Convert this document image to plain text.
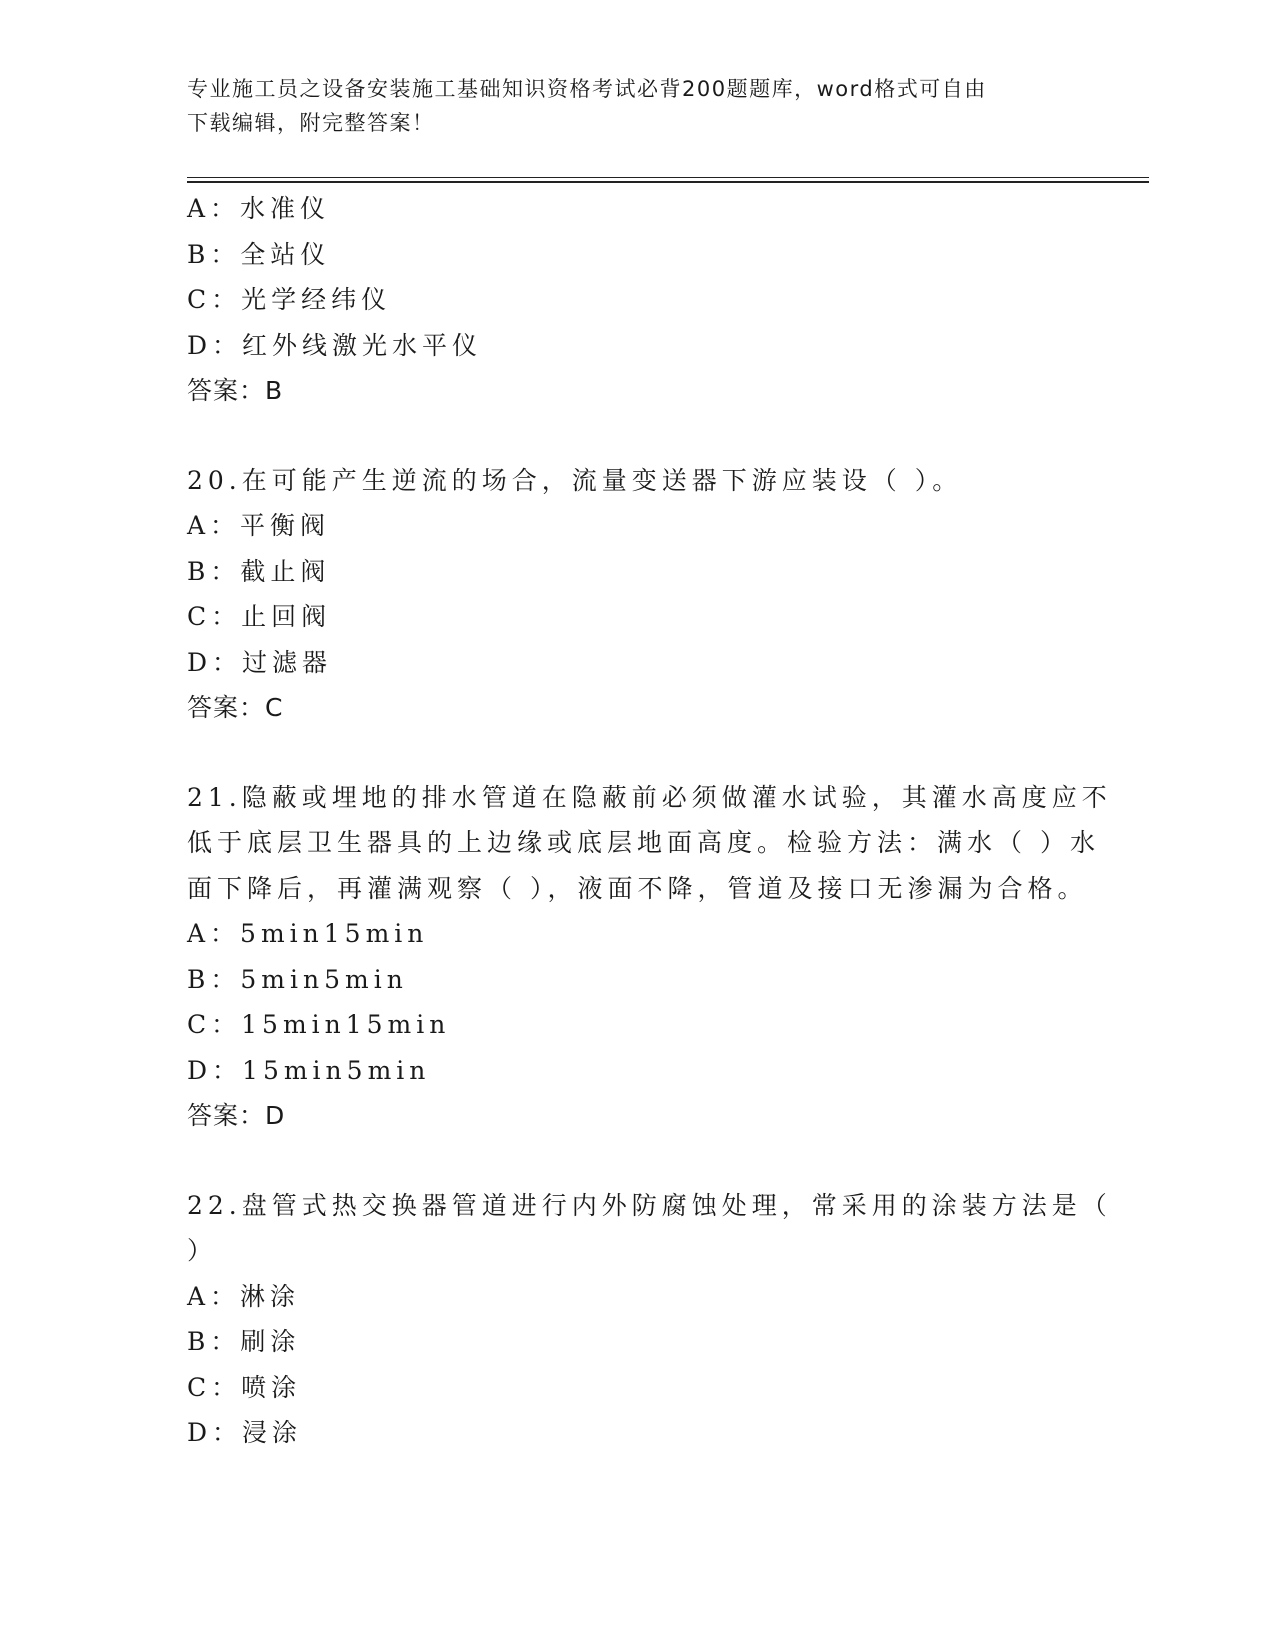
专业施工员之设备安装施工基础知识资格考试必背200题题库，word格式可自由
下载编辑，附完整答案！
A：水准仪
B：全站仪
C：光学经纬仪
D：红外线激光水平仪
答案：B
20.在可能产生逆流的场合，流量变送器下游应装设（ ）。
A：平衡阀
B：截止阀
C：止回阀
D：过滤器
答案：C
21.隐蔽或埋地的排水管道在隐蔽前必须做灌水试验，其灌水高度应不
低于底层卫生器具的上边缘或底层地面高度。检验方法：满水（ ）水
面下降后，再灌满观察（ ），液面不降，管道及接口无渗漏为合格。
A：5min15min
B：5min5min
C：15min15min
D：15min5min
答案：D
22.盘管式热交换器管道进行内外防腐蚀处理，常采用的涂装方法是（
）
A：淋涂
B：刷涂
C：喷涂
D：浸涂
